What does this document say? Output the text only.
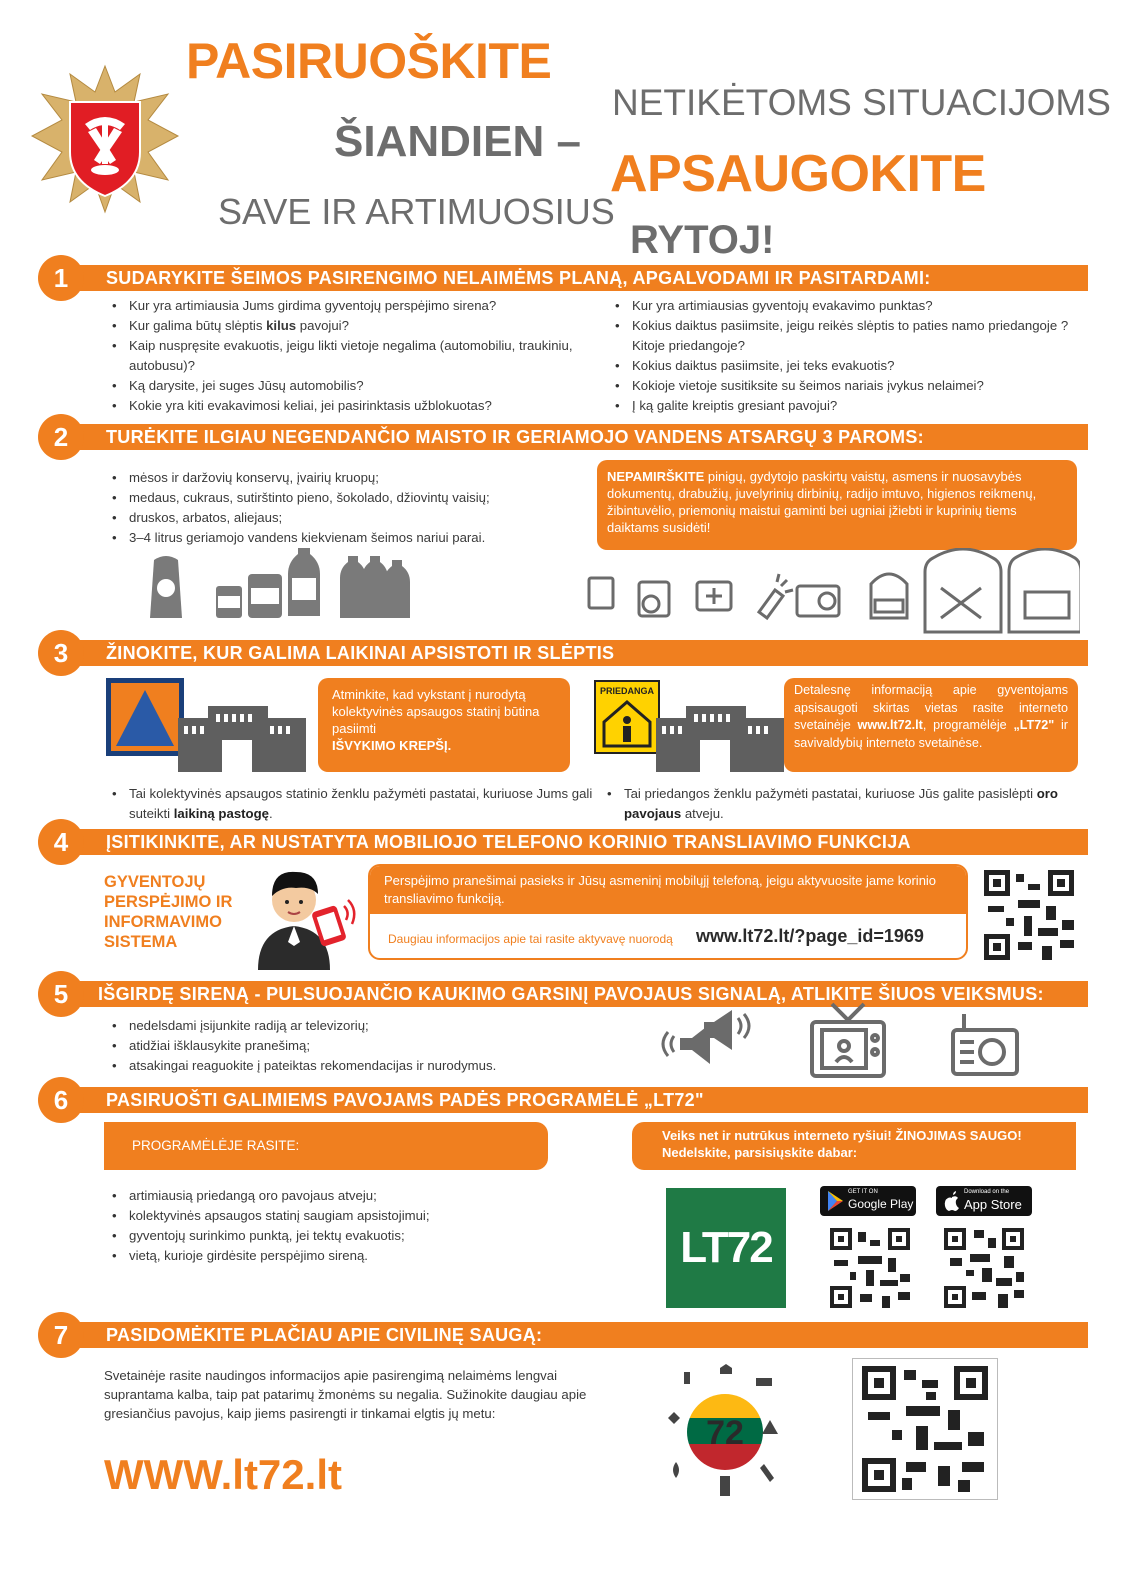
PASIRUOŠKITE
NETIKĖTOMS SITUACIJOMS
ŠIANDIEN –
APSAUGOKITE
SAVE IR ARTIMUOSIUS
RYTOJ!
1	SUDARYKITE ŠEIMOS PASIRENGIMO NELAIMĖMS PLANĄ, APGALVODAMI IR PASITARDAMI:
• Kur yra artimiausia Jums girdima gyventojų perspėjimo sirena?
• Kur galima būtų slėptis kilus pavojui?
• Kaip nuspręsite evakuotis, jeigu likti vietoje negalima (automobiliu, traukiniu, autobusu)?
• Ką darysite, jei suges Jūsų automobilis?
• Kokie yra kiti evakavimosi keliai, jei pasirinktasis užblokuotas?
• Kur yra artimiausias gyventojų evakavimo punktas?
• Kokius daiktus pasiimsite, jeigu reikės slėptis to paties namo priedangoje ? Kitoje priedangoje?
• Kokius daiktus pasiimsite, jei teks evakuotis?
• Kokioje vietoje susitiksite su šeimos nariais įvykus nelaimei?
• Į ką galite kreiptis gresiant pavojui?
2	TURĖKITE ILGIAU NEGENDANČIO MAISTO IR GERIAMOJO VANDENS ATSARGŲ 3 PAROMS:
• mėsos ir daržovių konservų, įvairių kruopų;
• medaus, cukraus, sutirštinto pieno, šokolado, džiovintų vaisių;
• druskos, arbatos, aliejaus;
• 3–4 litrus geriamojo vandens kiekvienam šeimos nariui parai.
NEPAMIRŠKITE pinigų, gydytojo paskirtų vaistų, asmens ir nuosavybės dokumentų, drabužių, juvelyrinių dirbinių, radijo imtuvo, higienos reikmenų, žibintuvėlio, priemonių maistui gaminti bei ugniai įžiebti ir kuprinių tiems daiktams susidėti!
3	ŽINOKITE, KUR GALIMA LAIKINAI APSISTOTI IR SLĖPTIS
Atminkite, kad vykstant į nurodytą kolektyvinės apsaugos statinį būtina pasiimti
IŠVYKIMO KREPŠĮ.
PRIEDANGA	Detalesnę informaciją apie gyventojams apsisaugoti skirtas vietas rasite interneto svetainėje www.lt72.lt, programėlėje „LT72" ir savivaldybių interneto svetainėse.
• Tai kolektyvinės apsaugos statinio ženklu pažymėti pastatai, kuriuose Jums gali suteikti laikiną pastogę.
• Tai priedangos ženklu pažymėti pastatai, kuriuose Jūs galite pasislėpti oro pavojaus atveju.
4	ĮSITIKINKITE, AR NUSTATYTA MOBILIOJO TELEFONO KORINIO TRANSLIAVIMO FUNKCIJA
GYVENTOJŲ PERSPĖJIMO IR INFORMAVIMO SISTEMA
Perspėjimo pranešimai pasieks ir Jūsų asmeninį mobilųjį telefoną, jeigu aktyvuosite jame korinio transliavimo funkciją.
Daugiau informacijos apie tai rasite aktyvavę nuorodą www.lt72.lt/?page_id=1969
5	IŠGIRDĘ SIRENĄ - PULSUOJANČIO KAUKIMO GARSINĮ PAVOJAUS SIGNALĄ, ATLIKITE ŠIUOS VEIKSMUS:
• nedelsdami įsijunkite radiją ar televizorių;
• atidžiai išklausykite pranešimą;
• atsakingai reaguokite į pateiktas rekomendacijas ir nurodymus.
6	PASIRUOŠTI GALIMIEMS PAVOJAMS PADĖS PROGRAMĖLĖ „LT72"
PROGRAMĖLĖJE RASITE:
Veiks net ir nutrūkus interneto ryšiui! ŽINOJIMAS SAUGO!
Nedelskite, parsisiųskite dabar:
• artimiausią priedangą oro pavojaus atveju;
• kolektyvinės apsaugos statinį saugiam apsistojimui;
• gyventojų surinkimo punktą, jei tektų evakuotis;
• vietą, kurioje girdėsite perspėjimo sireną.	LT72
GET IT ON
Google Play
Download on the
App Store
7	PASIDOMĖKITE PLAČIAU APIE CIVILINĘ SAUGĄ:
Svetainėje rasite naudingos informacijos apie pasirengimą nelaimėms lengvai suprantama kalba, taip pat patarimų žmonėms su negalia. Sužinokite daugiau apie gresiančius pavojus, kaip jiems pasirengti ir tinkamai elgtis jų metu:
WWW.lt72.lt
72
